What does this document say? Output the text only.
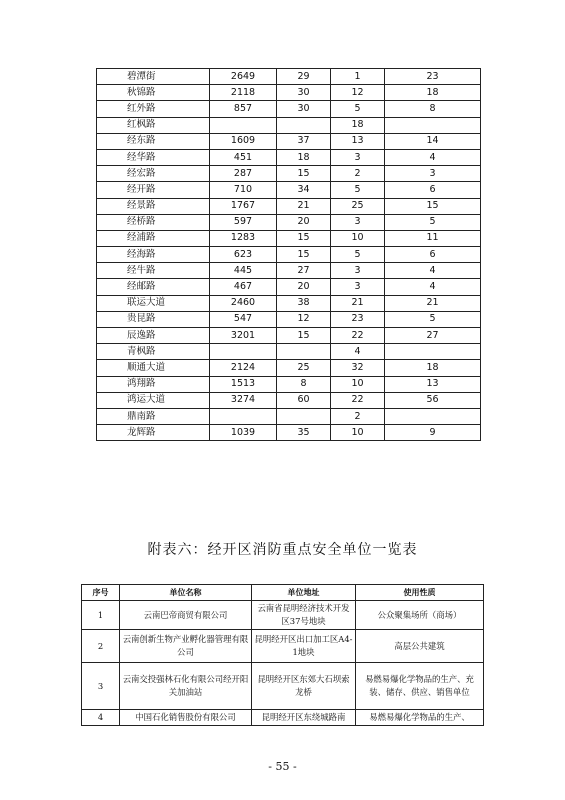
碧潭街	2649	29	1	23
秋锦路	2118	30	12	18
红外路	857	30	5	8
红枫路			18	
经东路	1609	37	13	14
经华路	451	18	3	4
经宏路	287	15	2	3
经开路	710	34	5	6
经景路	1767	21	25	15
经桥路	597	20	3	5
经浦路	1283	15	10	11
经海路	623	15	5	6
经牛路	445	27	3	4
经邮路	467	20	3	4
联运大道	2460	38	21	21
贵昆路	547	12	23	5
辰逸路	3201	15	22	27
青枫路			4	
顺通大道	2124	25	32	18
鸿翔路	1513	8	10	13
鸿运大道	3274	60	22	56
鼎南路			2	
龙辉路	1039	35	10	9
附表六：经开区消防重点安全单位一览表
序号	单位名称	单位地址	使用性质
1	云南巴帝商贸有限公司	云南省昆明经济技术开发区37号地块	公众聚集场所（商场）
2	云南创新生物产业孵化器管理有限公司	昆明经开区出口加工区A4-1地块	高层公共建筑
3	云南交投强林石化有限公司经开阳关加油站	昆明经开区东郊大石坝索龙桥	易燃易爆化学物品的生产、充装、储存、供应、销售单位
4	中国石化销售股份有限公司	昆明经开区东绕城路南	易燃易爆化学物品的生产、
- 55 -
